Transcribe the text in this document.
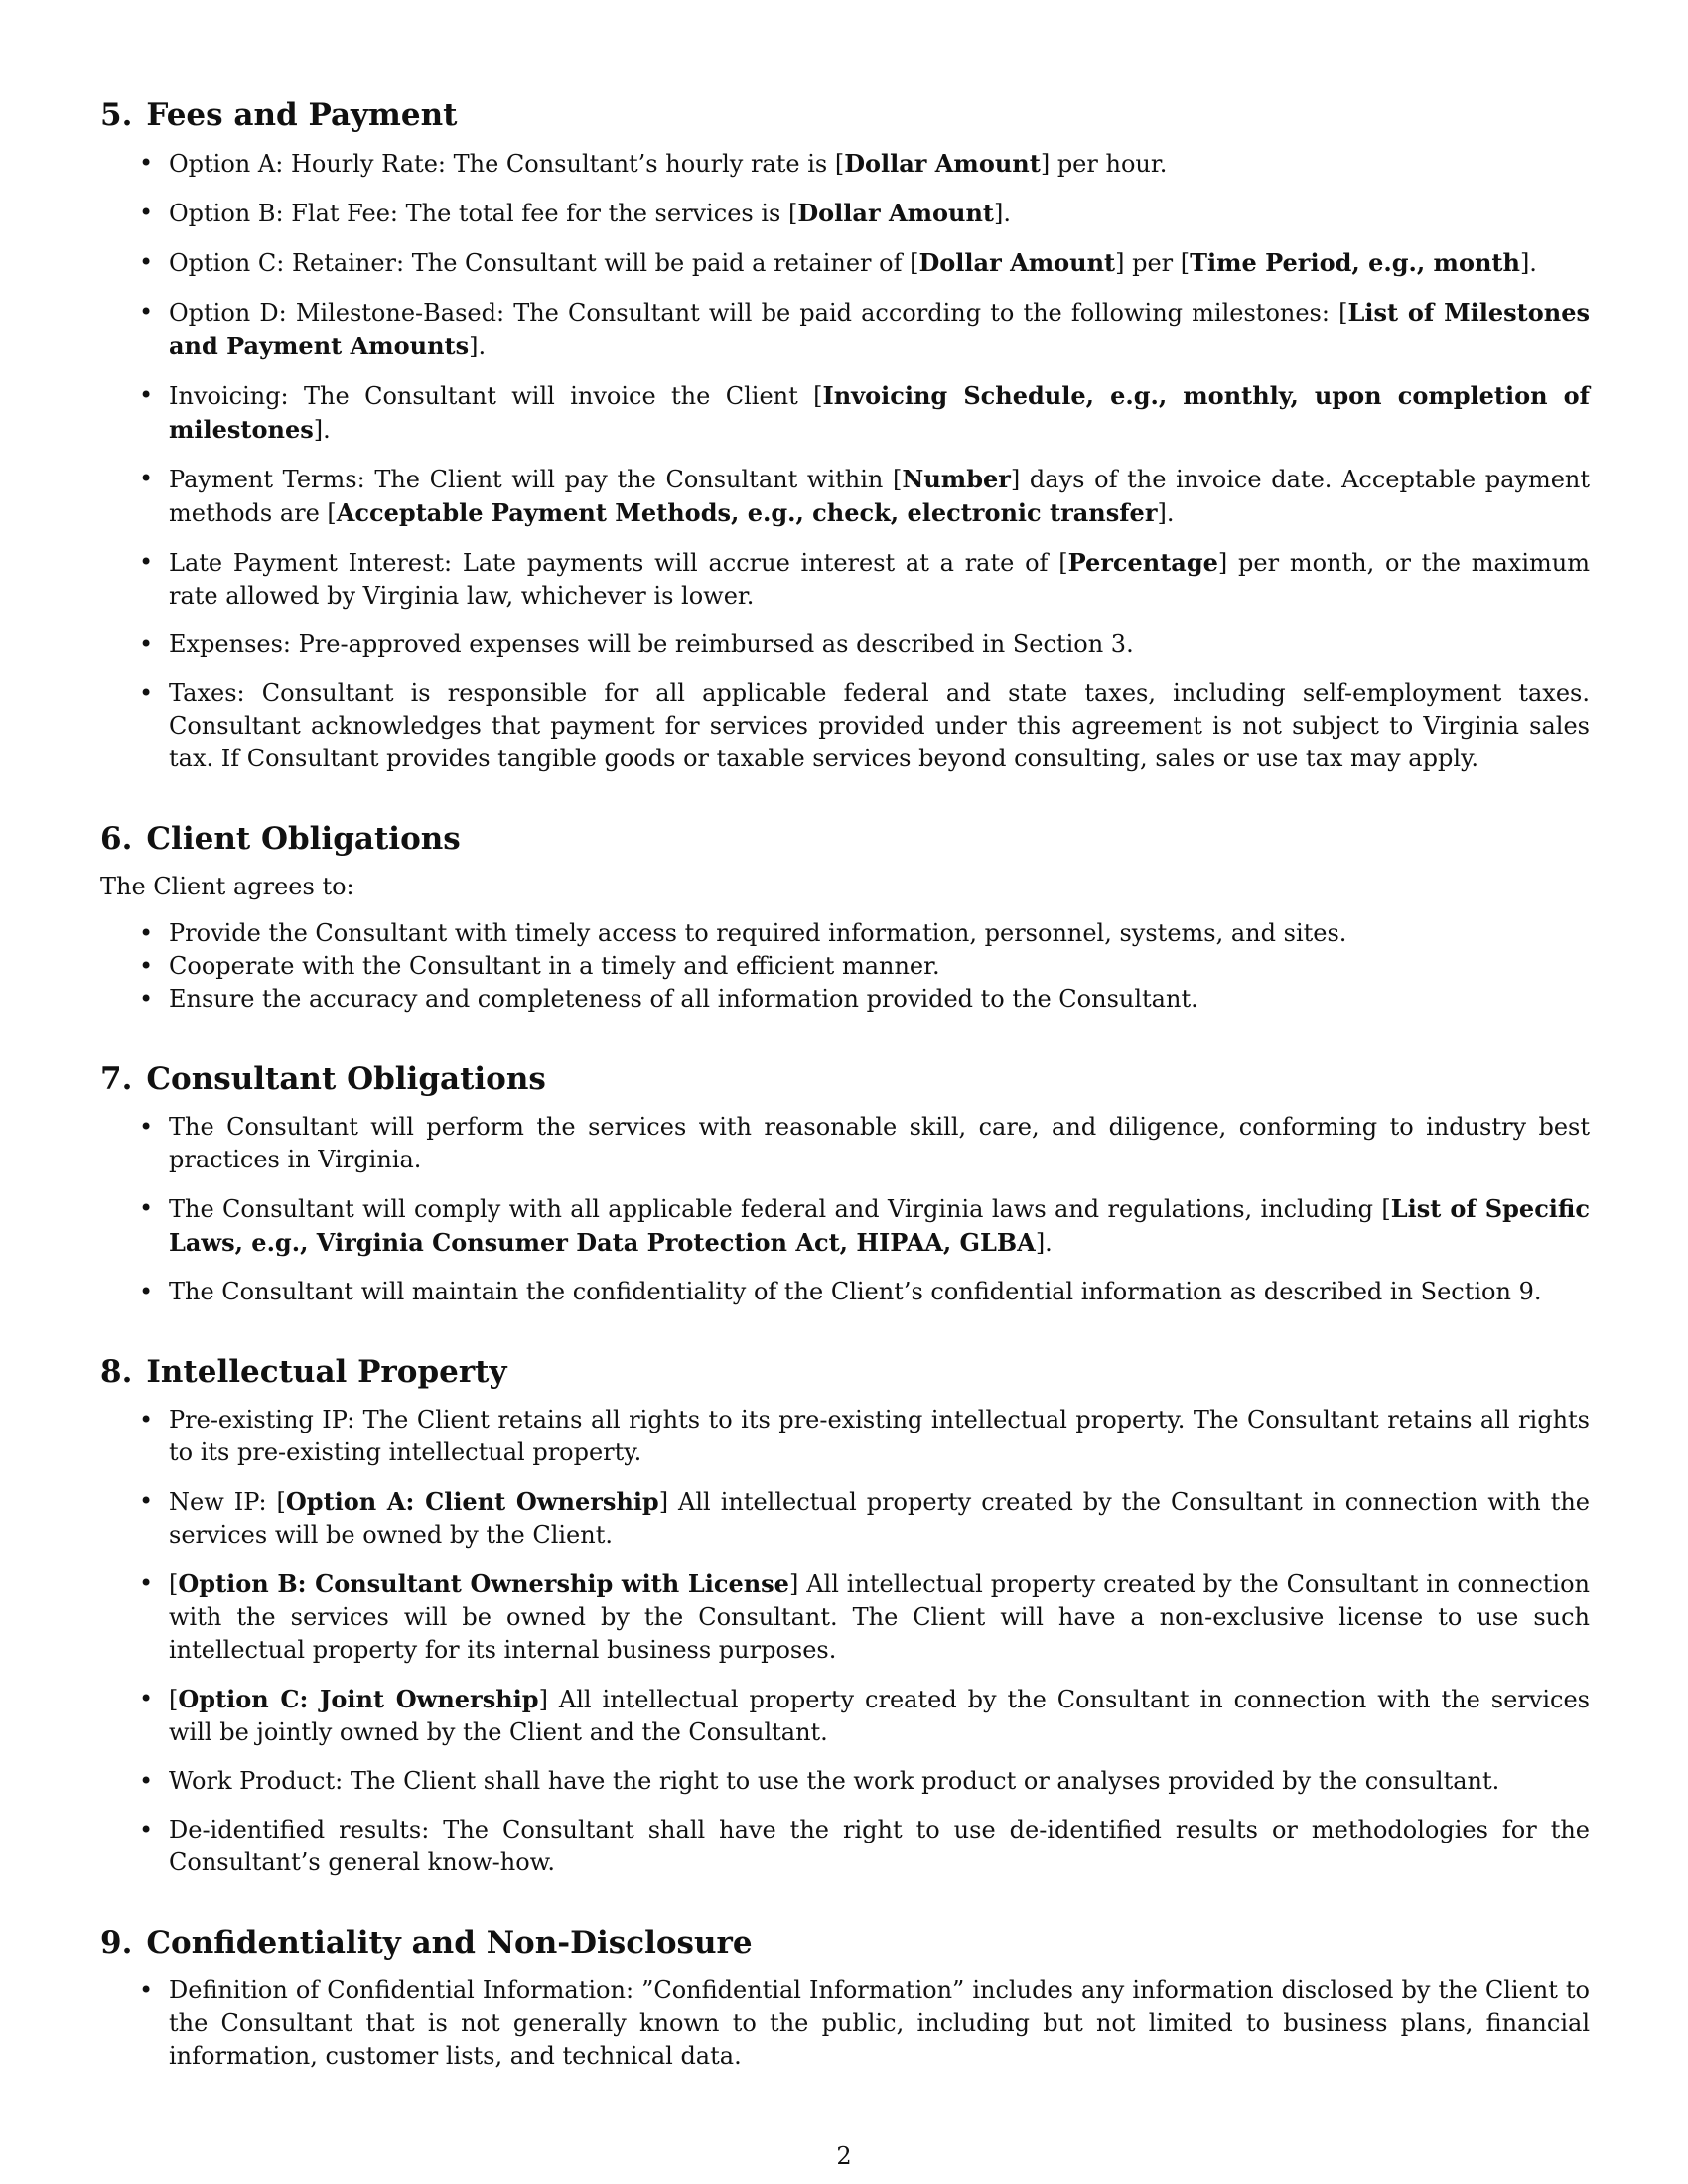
5. Fees and Payment
• Option A: Hourly Rate: The Consultant’s hourly rate is [Dollar Amount] per hour.
• Option B: Flat Fee: The total fee for the services is [Dollar Amount].
• Option C: Retainer: The Consultant will be paid a retainer of [Dollar Amount] per [Time Period, e.g., month].
• Option D: Milestone-Based: The Consultant will be paid according to the following milestones: [List of Milestones and Payment Amounts].
• Invoicing: The Consultant will invoice the Client [Invoicing Schedule, e.g., monthly, upon completion of milestones].
• Payment Terms: The Client will pay the Consultant within [Number] days of the invoice date. Acceptable payment methods are [Acceptable Payment Methods, e.g., check, electronic transfer].
• Late Payment Interest: Late payments will accrue interest at a rate of [Percentage] per month, or the maximum rate allowed by Virginia law, whichever is lower.
• Expenses: Pre-approved expenses will be reimbursed as described in Section 3.
• Taxes: Consultant is responsible for all applicable federal and state taxes, including self-employment taxes. Consultant acknowledges that payment for services provided under this agreement is not subject to Virginia sales tax. If Consultant provides tangible goods or taxable services beyond consulting, sales or use tax may apply.
6. Client Obligations

The Client agrees to:

• Provide the Consultant with timely access to required information, personnel, systems, and sites.
• Cooperate with the Consultant in a timely and efficient manner.
• Ensure the accuracy and completeness of all information provided to the Consultant.
7. Consultant Obligations
• The Consultant will perform the services with reasonable skill, care, and diligence, conforming to industry best practices in Virginia.
• The Consultant will comply with all applicable federal and Virginia laws and regulations, including [List of Specific Laws, e.g., Virginia Consumer Data Protection Act, HIPAA, GLBA].
• The Consultant will maintain the confidentiality of the Client’s confidential information as described in Section 9.
8. Intellectual Property
• Pre-existing IP: The Client retains all rights to its pre-existing intellectual property. The Consultant retains all rights to its pre-existing intellectual property.
• New IP: [Option A: Client Ownership] All intellectual property created by the Consultant in connection with the services will be owned by the Client.
• [Option B: Consultant Ownership with License] All intellectual property created by the Consultant in connection with the services will be owned by the Consultant. The Client will have a non-exclusive license to use such intellectual property for its internal business purposes.
• [Option C: Joint Ownership] All intellectual property created by the Consultant in connection with the services will be jointly owned by the Client and the Consultant.
• Work Product: The Client shall have the right to use the work product or analyses provided by the consultant.
• De-identified results: The Consultant shall have the right to use de-identified results or methodologies for the Consultant’s general know-how.
9. Confidentiality and Non-Disclosure
• Definition of Confidential Information: ”Confidential Information” includes any information disclosed by the Client to the Consultant that is not generally known to the public, including but not limited to business plans, financial information, customer lists, and technical data.
2
